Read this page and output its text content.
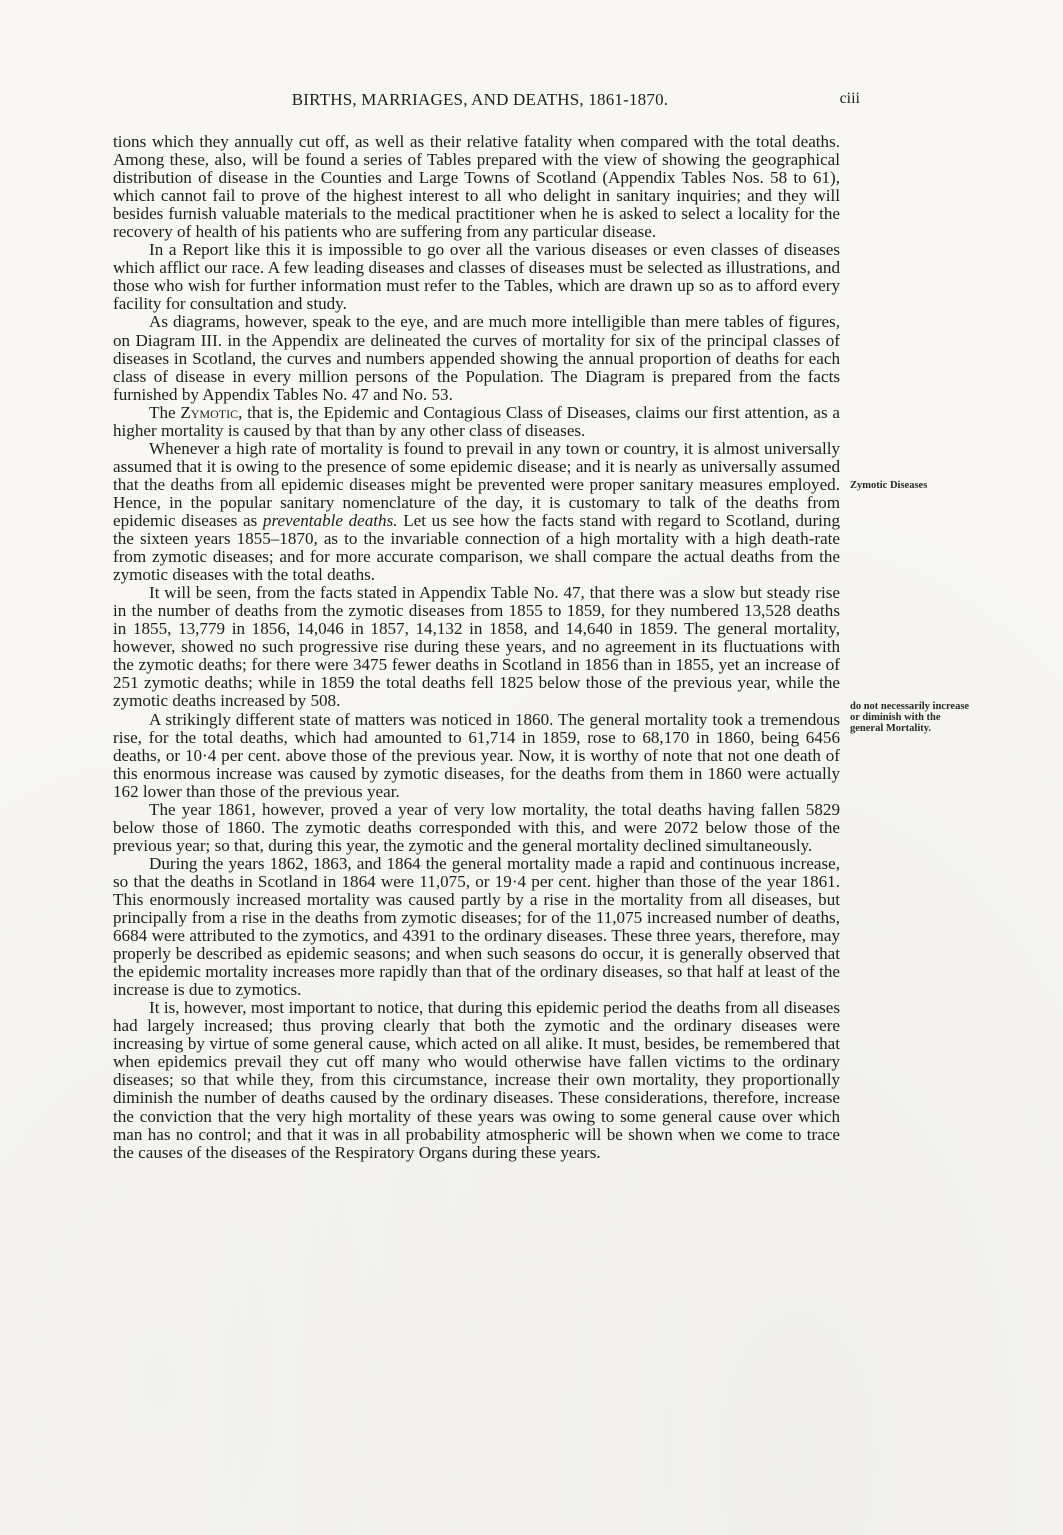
BIRTHS, MARRIAGES, AND DEATHS, 1861-1870.	ciii

tions which they annually cut off, as well as their relative fatality when compared with the total deaths. Among these, also, will be found a series of Tables prepared with the view of showing the geographical distribution of disease in the Counties and Large Towns of Scotland (Appendix Tables Nos. 58 to 61), which cannot fail to prove of the highest interest to all who delight in sanitary inquiries; and they will besides furnish valuable materials to the medical practitioner when he is asked to select a locality for the recovery of health of his patients who are suffering from any particular disease.

In a Report like this it is impossible to go over all the various diseases or even classes of diseases which afflict our race. A few leading diseases and classes of diseases must be selected as illustrations, and those who wish for further information must refer to the Tables, which are drawn up so as to afford every facility for consultation and study.

As diagrams, however, speak to the eye, and are much more intelligible than mere tables of figures, on Diagram III. in the Appendix are delineated the curves of mortality for six of the principal classes of diseases in Scotland, the curves and numbers appended showing the annual proportion of deaths for each class of disease in every million persons of the Population. The Diagram is prepared from the facts furnished by Appendix Tables No. 47 and No. 53.

The Zymotic, that is, the Epidemic and Contagious Class of Diseases, claims our first attention, as a higher mortality is caused by that than by any other class of diseases.

Whenever a high rate of mortality is found to prevail in any town or country, it is almost universally assumed that it is owing to the presence of some epidemic disease; and it is nearly as universally assumed that the deaths from all epidemic diseases might be prevented were proper sanitary measures employed. Hence, in the popular sanitary nomenclature of the day, it is customary to talk of the deaths from epidemic diseases as preventable deaths. Let us see how the facts stand with regard to Scotland, during the sixteen years 1855–1870, as to the invariable connection of a high mortality with a high death-rate from zymotic diseases; and for more accurate comparison, we shall compare the actual deaths from the zymotic diseases with the total deaths.

It will be seen, from the facts stated in Appendix Table No. 47, that there was a slow but steady rise in the number of deaths from the zymotic diseases from 1855 to 1859, for they numbered 13,528 deaths in 1855, 13,779 in 1856, 14,046 in 1857, 14,132 in 1858, and 14,640 in 1859. The general mortality, however, showed no such progressive rise during these years, and no agreement in its fluctuations with the zymotic deaths; for there were 3475 fewer deaths in Scotland in 1856 than in 1855, yet an increase of 251 zymotic deaths; while in 1859 the total deaths fell 1825 below those of the previous year, while the zymotic deaths increased by 508.

A strikingly different state of matters was noticed in 1860. The general mortality took a tremendous rise, for the total deaths, which had amounted to 61,714 in 1859, rose to 68,170 in 1860, being 6456 deaths, or 10·4 per cent. above those of the previous year. Now, it is worthy of note that not one death of this enormous increase was caused by zymotic diseases, for the deaths from them in 1860 were actually 162 lower than those of the previous year.

The year 1861, however, proved a year of very low mortality, the total deaths having fallen 5829 below those of 1860. The zymotic deaths corresponded with this, and were 2072 below those of the previous year; so that, during this year, the zymotic and the general mortality declined simultaneously.

During the years 1862, 1863, and 1864 the general mortality made a rapid and continuous increase, so that the deaths in Scotland in 1864 were 11,075, or 19·4 per cent. higher than those of the year 1861. This enormously increased mortality was caused partly by a rise in the mortality from all diseases, but principally from a rise in the deaths from zymotic diseases; for of the 11,075 increased number of deaths, 6684 were attributed to the zymotics, and 4391 to the ordinary diseases. These three years, therefore, may properly be described as epidemic seasons; and when such seasons do occur, it is generally observed that the epidemic mortality increases more rapidly than that of the ordinary diseases, so that half at least of the increase is due to zymotics.

It is, however, most important to notice, that during this epidemic period the deaths from all diseases had largely increased; thus proving clearly that both the zymotic and the ordinary diseases were increasing by virtue of some general cause, which acted on all alike. It must, besides, be remembered that when epidemics prevail they cut off many who would otherwise have fallen victims to the ordinary diseases; so that while they, from this circumstance, increase their own mortality, they proportionally diminish the number of deaths caused by the ordinary diseases. These considerations, therefore, increase the conviction that the very high mortality of these years was owing to some general cause over which man has no control; and that it was in all probability atmospheric will be shown when we come to trace the causes of the diseases of the Respiratory Organs during these years.

Zymotic Diseases
do not necessarily increase or diminish with the general Mortality.
